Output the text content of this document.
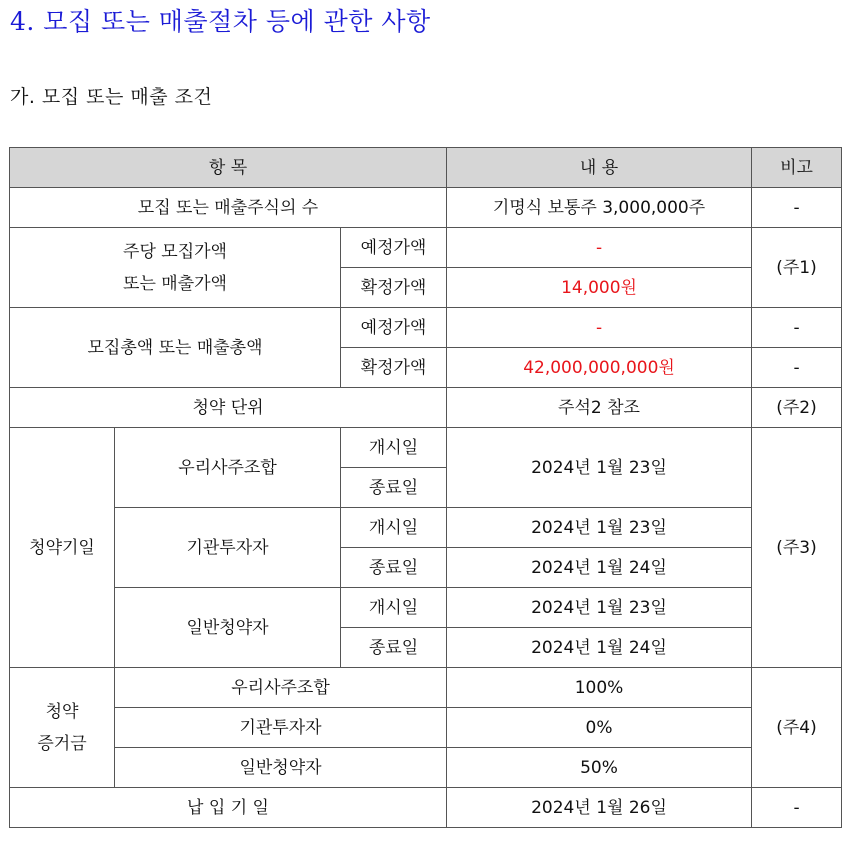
4. 모집 또는 매출절차 등에 관한 사항
가. 모집 또는 매출 조건
항 목			내 용	비고
모집 또는 매출주식의 수			기명식 보통주 3,000,000주	-
주당 모집가액
또는 매출가액		예정가액	-	(주1)
		확정가액	14,000원	
모집총액 또는 매출총액		예정가액	-	-
		확정가액	42,000,000,000원	-
청약 단위			주석2 참조	(주2)
청약기일	우리사주조합	개시일	2024년 1월 23일	(주3)
		종료일		
	기관투자자	개시일	2024년 1월 23일	
		종료일	2024년 1월 24일	
	일반청약자	개시일	2024년 1월 23일	
		종료일	2024년 1월 24일	
청약
증거금	우리사주조합		100%	(주4)
	기관투자자		0%	
	일반청약자		50%	
납 입 기 일			2024년 1월 26일	-
